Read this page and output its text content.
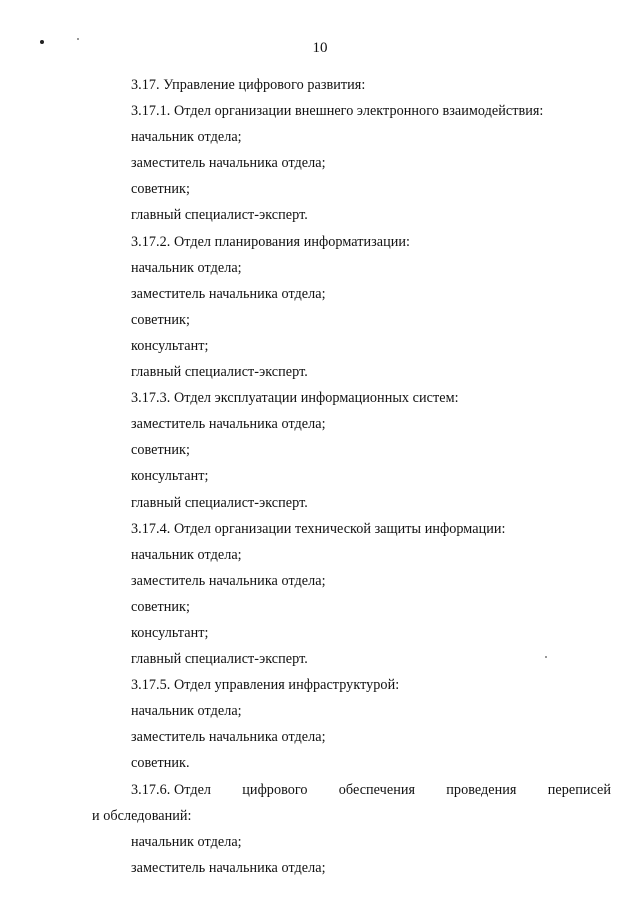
10
3.17. Управление цифрового развития:
3.17.1. Отдел организации внешнего электронного взаимодействия:
начальник отдела;
заместитель начальника отдела;
советник;
главный специалист-эксперт.
3.17.2. Отдел планирования информатизации:
начальник отдела;
заместитель начальника отдела;
советник;
консультант;
главный специалист-эксперт.
3.17.3. Отдел эксплуатации информационных систем:
заместитель начальника отдела;
советник;
консультант;
главный специалист-эксперт.
3.17.4. Отдел организации технической защиты информации:
начальник отдела;
заместитель начальника отдела;
советник;
консультант;
главный специалист-эксперт.
3.17.5. Отдел управления инфраструктурой:
начальник отдела;
заместитель начальника отдела;
советник.
3.17.6. Отдел цифрового обеспечения проведения переписей
и обследований:
начальник отдела;
заместитель начальника отдела;
